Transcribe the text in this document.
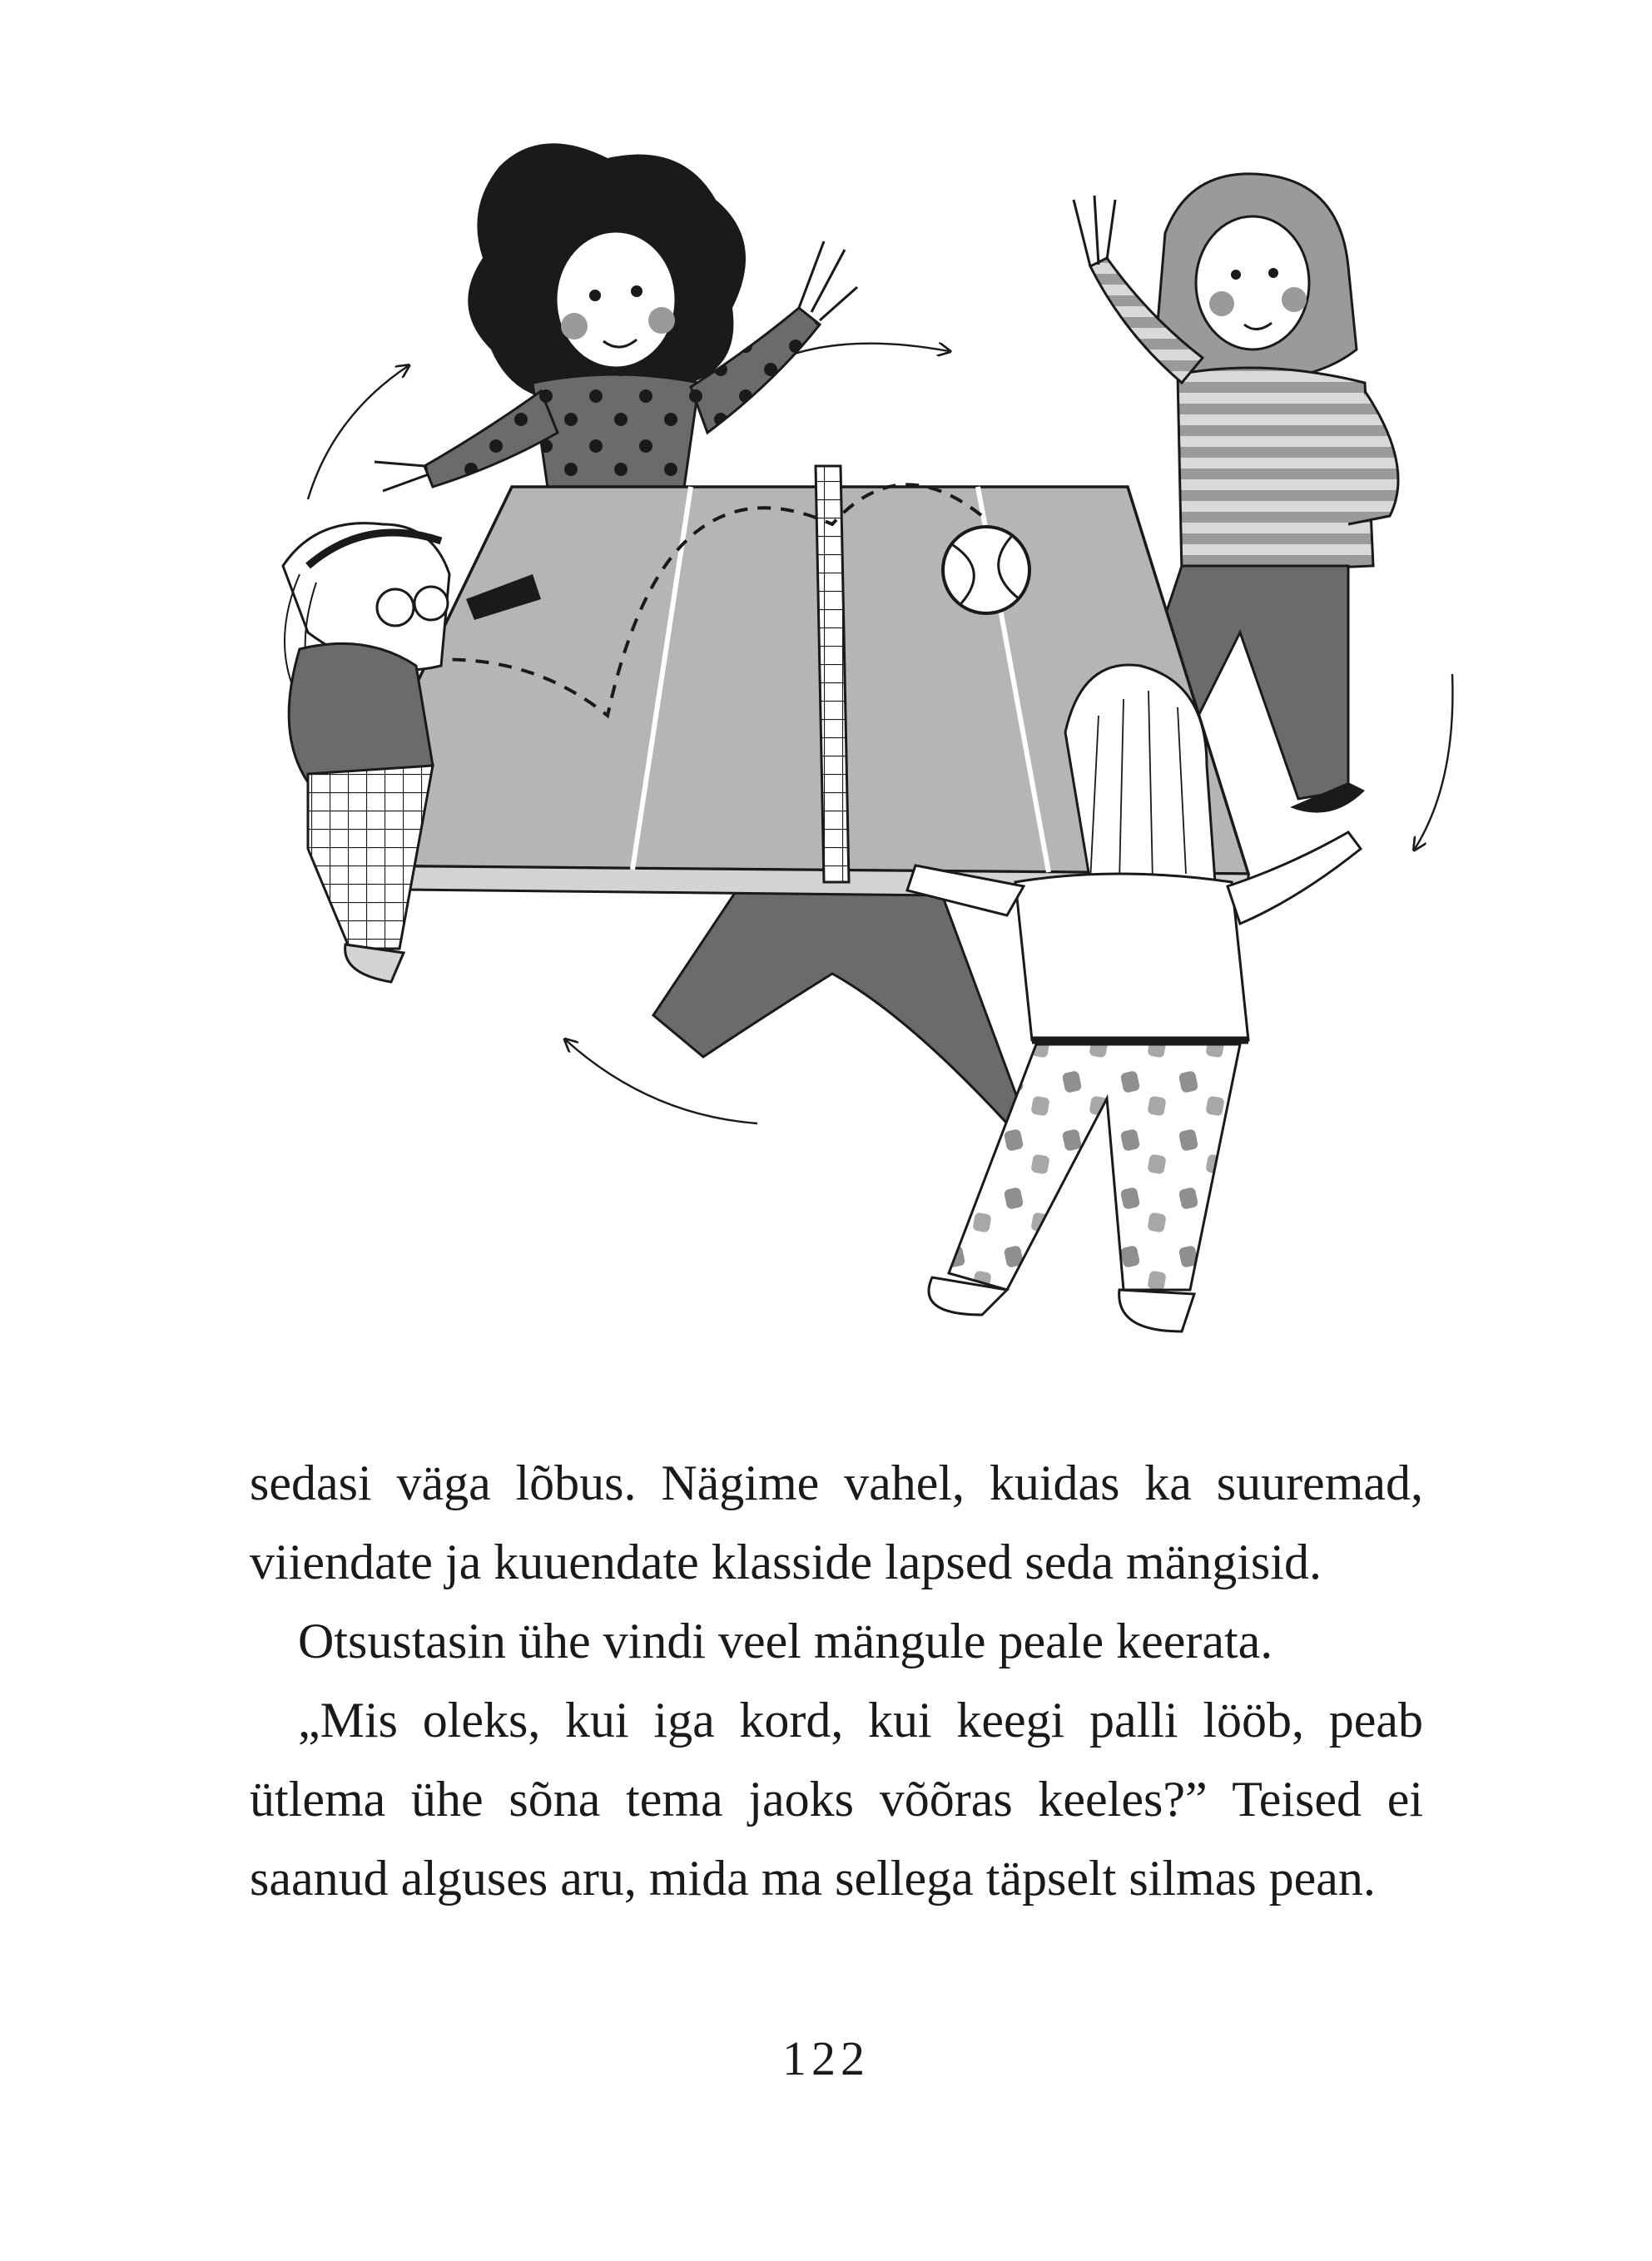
sedasi väga lõbus. Nägime vahel, kuidas ka suuremad,

viiendate ja kuuendate klasside lapsed seda mängisid.

Otsustasin ühe vindi veel mängule peale keerata.

„Mis oleks, kui iga kord, kui keegi palli lööb, peab

ütlema ühe sõna tema jaoks võõras keeles?” Teised ei

saanud alguses aru, mida ma sellega täpselt silmas pean.

122
